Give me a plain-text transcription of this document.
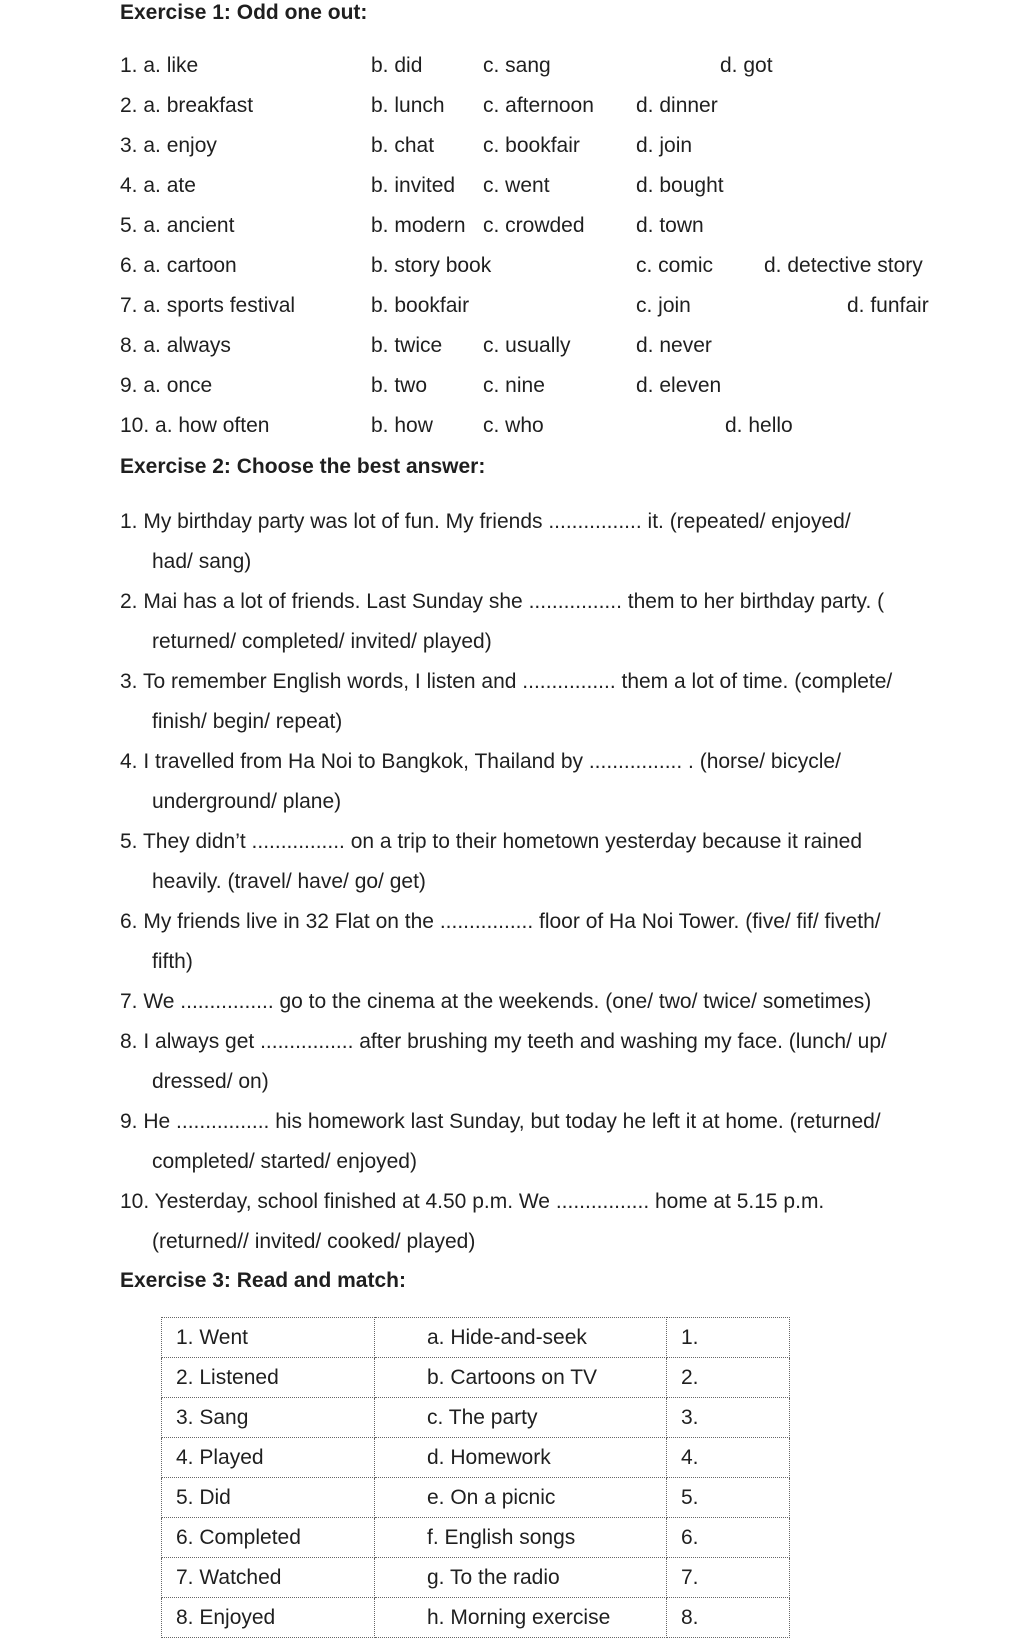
Exercise 1: Odd one out:
1. a. like	b. did	c. sang	d. got
2. a. breakfast	b. lunch c. afternoon d. dinner
3. a. enjoy	b. chat c. bookfair	d. join
4. a. ate	b. invited c. went	d. bought
5. a. ancient	b. modern c. crowded d. town
6. a. cartoon	b. story book	c. comic d. detective story
7. a. sports festival	b. bookfair	c. join	d. funfair
8. a. always	b. twice c. usually	d. never
9. a. once	b. two	c. nine	d. eleven
10. a. how often	b. how c. who	d. hello
Exercise 2: Choose the best answer:
1. My birthday party was lot of fun. My friends ................ it. (repeated/ enjoyed/
had/ sang)
2. Mai has a lot of friends. Last Sunday she ................ them to her birthday party. (
returned/ completed/ invited/ played)
3. To remember English words, I listen and ................ them a lot of time. (complete/
finish/ begin/ repeat)
4. I travelled from Ha Noi to Bangkok, Thailand by ................ . (horse/ bicycle/
underground/ plane)
5. They didn’t ................ on a trip to their hometown yesterday because it rained
heavily. (travel/ have/ go/ get)
6. My friends live in 32 Flat on the ................ floor of Ha Noi Tower. (five/ fif/ fiveth/
fifth)
7. We ................ go to the cinema at the weekends. (one/ two/ twice/ sometimes)
8. I always get ................ after brushing my teeth and washing my face. (lunch/ up/
dressed/ on)
9. He ................ his homework last Sunday, but today he left it at home. (returned/
completed/ started/ enjoyed)
10. Yesterday, school finished at 4.50 p.m. We ................ home at 5.15 p.m.
(returned// invited/ cooked/ played)
Exercise 3: Read and match:
1. Went	a. Hide-and-seek	1.
2. Listened	b. Cartoons on TV	2.
3. Sang	c. The party	3.
4. Played	d. Homework	4.
5. Did	e. On a picnic	5.
6. Completed	f. English songs	6.
7. Watched	g. To the radio	7.
8. Enjoyed	h. Morning exercise	8.
